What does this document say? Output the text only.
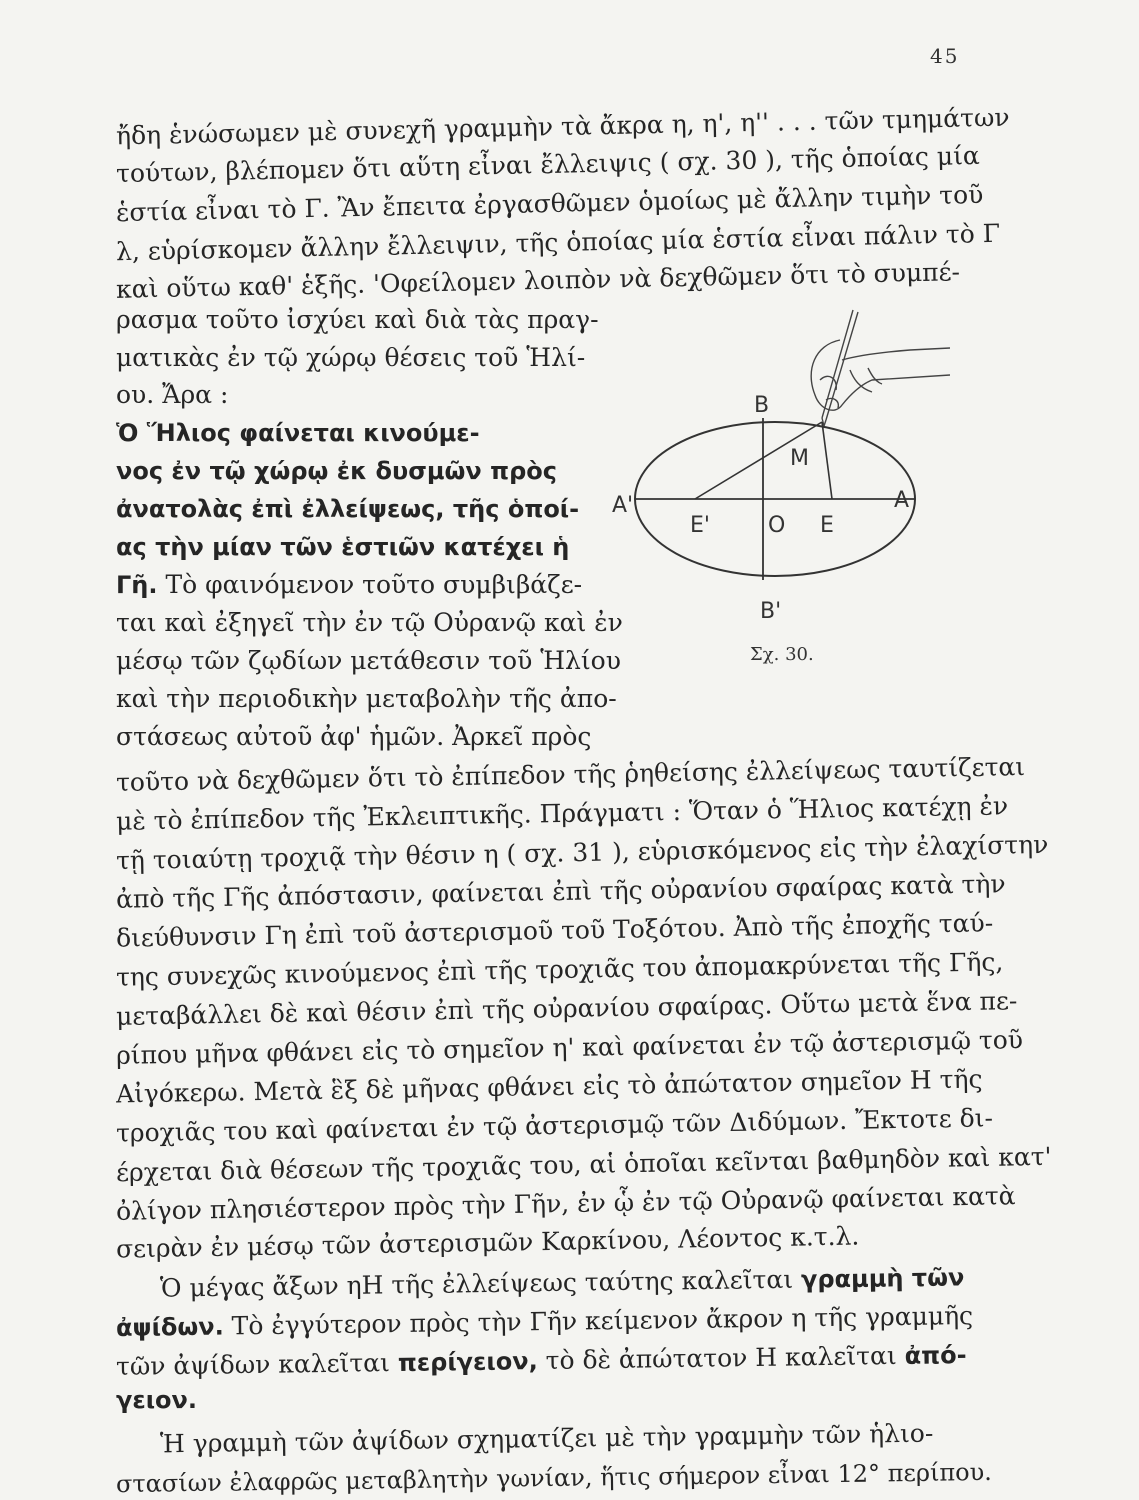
45
ἤδη ἑνώσωμεν μὲ συνεχῆ γραμμὴν τὰ ἄκρα η, η', η'' . . . τῶν τμημάτων
τούτων, βλέπομεν ὅτι αὕτη εἶναι ἔλλειψις ( σχ. 30 ), τῆς ὁποίας μία
ἑστία εἶναι τὸ Γ. Ἂν ἔπειτα ἐργασθῶμεν ὁμοίως μὲ ἄλλην τιμὴν τοῦ
λ, εὑρίσκομεν ἄλλην ἔλλειψιν, τῆς ὁποίας μία ἑστία εἶναι πάλιν τὸ Γ
καὶ οὕτω καθ' ἑξῆς. 'Οφείλομεν λοιπὸν νὰ δεχθῶμεν ὅτι τὸ συμπέ-
ρασμα τοῦτο ἰσχύει καὶ διὰ τὰς πραγ-
ματικὰς ἐν τῷ χώρῳ θέσεις τοῦ Ἡλί-
ου. Ἄρα :
Ὁ Ἥλιος φαίνεται κινούμε-
νος ἐν τῷ χώρῳ ἐκ δυσμῶν πρὸς
ἀνατολὰς ἐπὶ ἐλλείψεως, τῆς ὁποί-
ας τὴν μίαν τῶν ἑστιῶν κατέχει ἡ
Γῆ. Τὸ φαινόμενον τοῦτο συμβιβάζε-
ται καὶ ἐξηγεῖ τὴν ἐν τῷ Οὐρανῷ καὶ ἐν
μέσῳ τῶν ζῳδίων μετάθεσιν τοῦ Ἡλίου
καὶ τὴν περιοδικὴν μεταβολὴν τῆς ἀπο-
στάσεως αὐτοῦ ἀφ' ἡμῶν. Ἀρκεῖ πρὸς
τοῦτο νὰ δεχθῶμεν ὅτι τὸ ἐπίπεδον τῆς ῥηθείσης ἐλλείψεως ταυτίζεται
μὲ τὸ ἐπίπεδον τῆς Ἐκλειπτικῆς. Πράγματι : Ὅταν ὁ Ἥλιος κατέχῃ ἐν
τῇ τοιαύτῃ τροχιᾷ τὴν θέσιν η ( σχ. 31 ), εὑρισκόμενος εἰς τὴν ἐλαχίστην
ἀπὸ τῆς Γῆς ἀπόστασιν, φαίνεται ἐπὶ τῆς οὐρανίου σφαίρας κατὰ τὴν
διεύθυνσιν Γη ἐπὶ τοῦ ἀστερισμοῦ τοῦ Τοξότου. Ἀπὸ τῆς ἐποχῆς ταύ-
της συνεχῶς κινούμενος ἐπὶ τῆς τροχιᾶς του ἀπομακρύνεται τῆς Γῆς,
μεταβάλλει δὲ καὶ θέσιν ἐπὶ τῆς οὐρανίου σφαίρας. Οὕτω μετὰ ἕνα πε-
ρίπου μῆνα φθάνει εἰς τὸ σημεῖον η' καὶ φαίνεται ἐν τῷ ἀστερισμῷ τοῦ
Αἰγόκερω. Μετὰ ἓξ δὲ μῆνας φθάνει εἰς τὸ ἀπώτατον σημεῖον Η τῆς
τροχιᾶς του καὶ φαίνεται ἐν τῷ ἀστερισμῷ τῶν Διδύμων. Ἔκτοτε δι-
έρχεται διὰ θέσεων τῆς τροχιᾶς του, αἱ ὁποῖαι κεῖνται βαθμηδὸν καὶ κατ'
ὀλίγον πλησιέστερον πρὸς τὴν Γῆν, ἐν ᾧ ἐν τῷ Οὐρανῷ φαίνεται κατὰ
σειρὰν ἐν μέσῳ τῶν ἀστερισμῶν Καρκίνου, Λέοντος κ.τ.λ.
Ὁ μέγας ἄξων ηΗ τῆς ἐλλείψεως ταύτης καλεῖται γραμμὴ τῶν
ἀψίδων. Τὸ ἐγγύτερον πρὸς τὴν Γῆν κείμενον ἄκρον η τῆς γραμμῆς
τῶν ἀψίδων καλεῖται περίγειον, τὸ δὲ ἀπώτατον Η καλεῖται ἀπό-
γειον.
Ἡ γραμμὴ τῶν ἀψίδων σχηματίζει μὲ τὴν γραμμὴν τῶν ἡλιο-
στασίων ἐλαφρῶς μεταβλητὴν γωνίαν, ἥτις σήμερον εἶναι 12° περίπου.
B
M
A'	A
E'	O E
B'
Σχ. 30.
